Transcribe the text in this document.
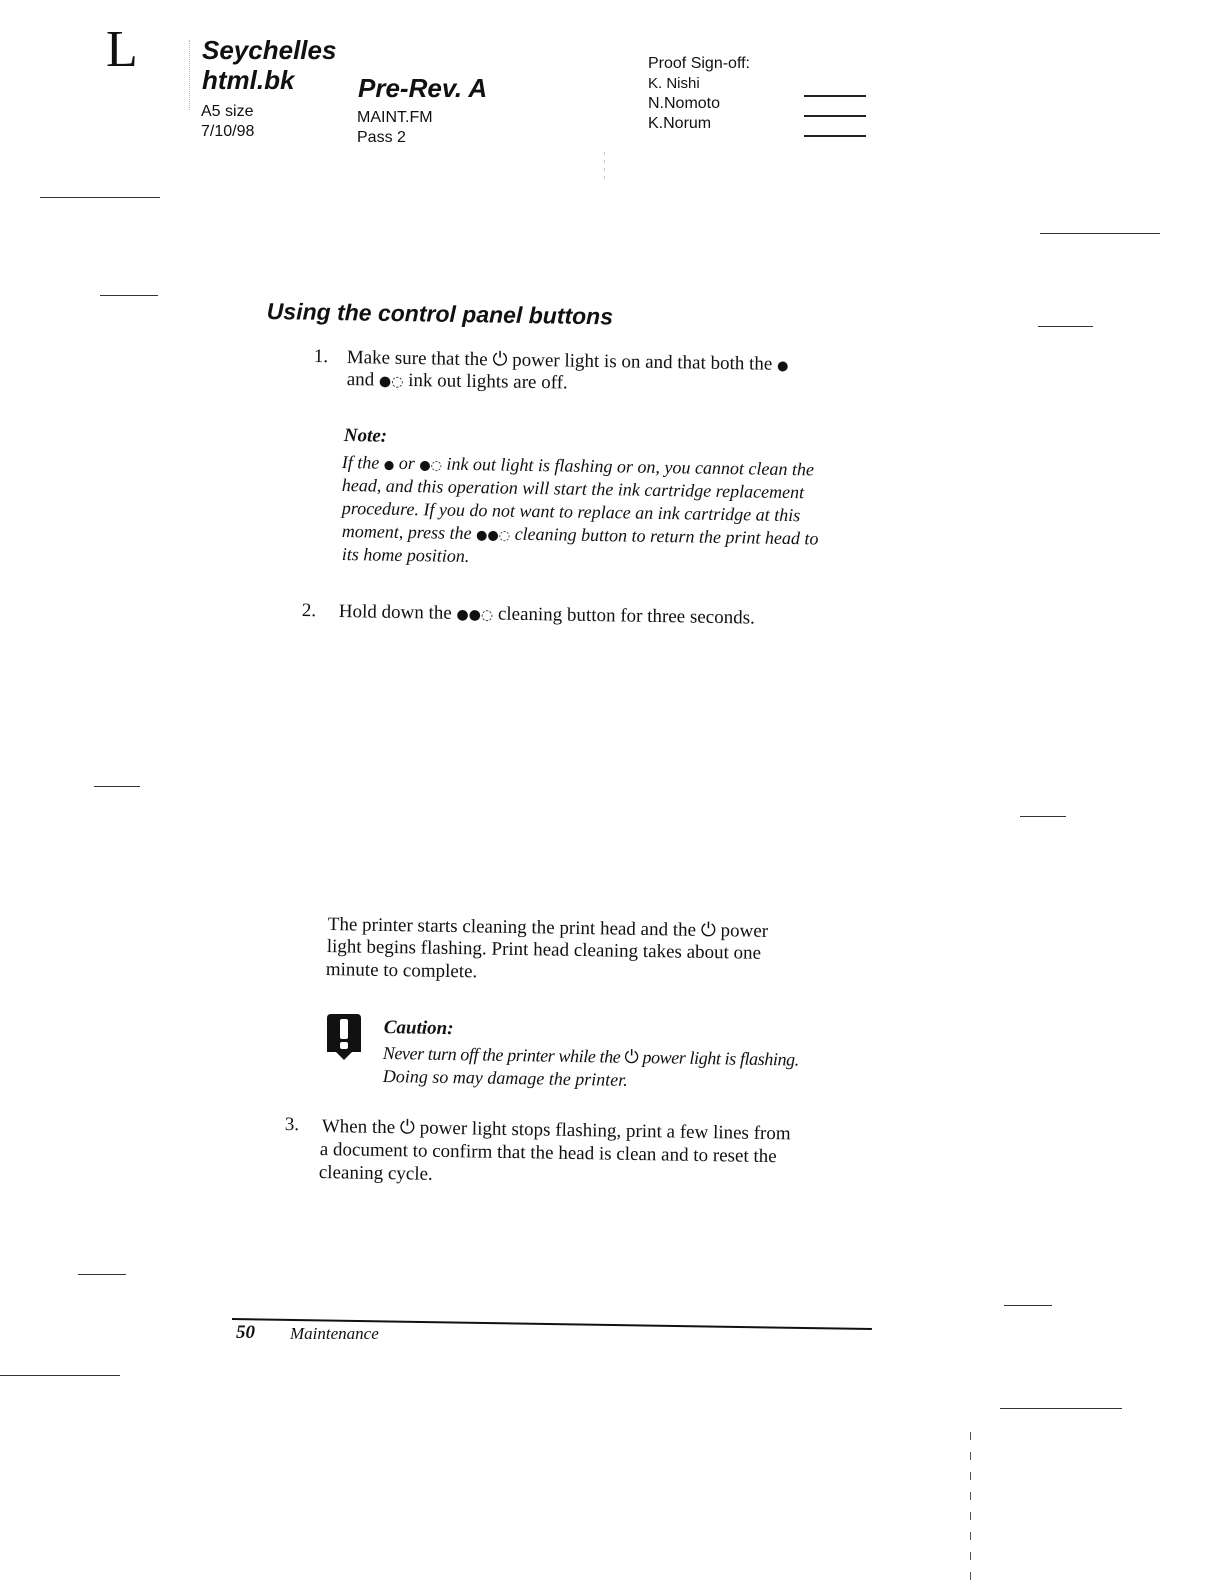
L Seychelles
html.bk Pre-Rev. A
A5 size
7/10/98
MAINT.FM
Pass 2
Proof Sign-off:
K. Nishi
N.Nomoto
K.Norum
Using the control panel buttons
1. Make sure that the ⏻ power light is on and that both the ●
and ●◌ ink out lights are off.
Note:
If the ● or ●◌ ink out light is flashing or on, you cannot clean the
head, and this operation will start the ink cartridge replacement
procedure. If you do not want to replace an ink cartridge at this
moment, press the ●●◌ cleaning button to return the print head to
its home position.
2. Hold down the ●●◌ cleaning button for three seconds.
The printer starts cleaning the print head and the ⏻ power
light begins flashing. Print head cleaning takes about one
minute to complete.
Caution:
Never turn off the printer while the ⏻ power light is flashing.
Doing so may damage the printer.
3. When the ⏻ power light stops flashing, print a few lines from
a document to confirm that the head is clean and to reset the
cleaning cycle.
50 Maintenance
